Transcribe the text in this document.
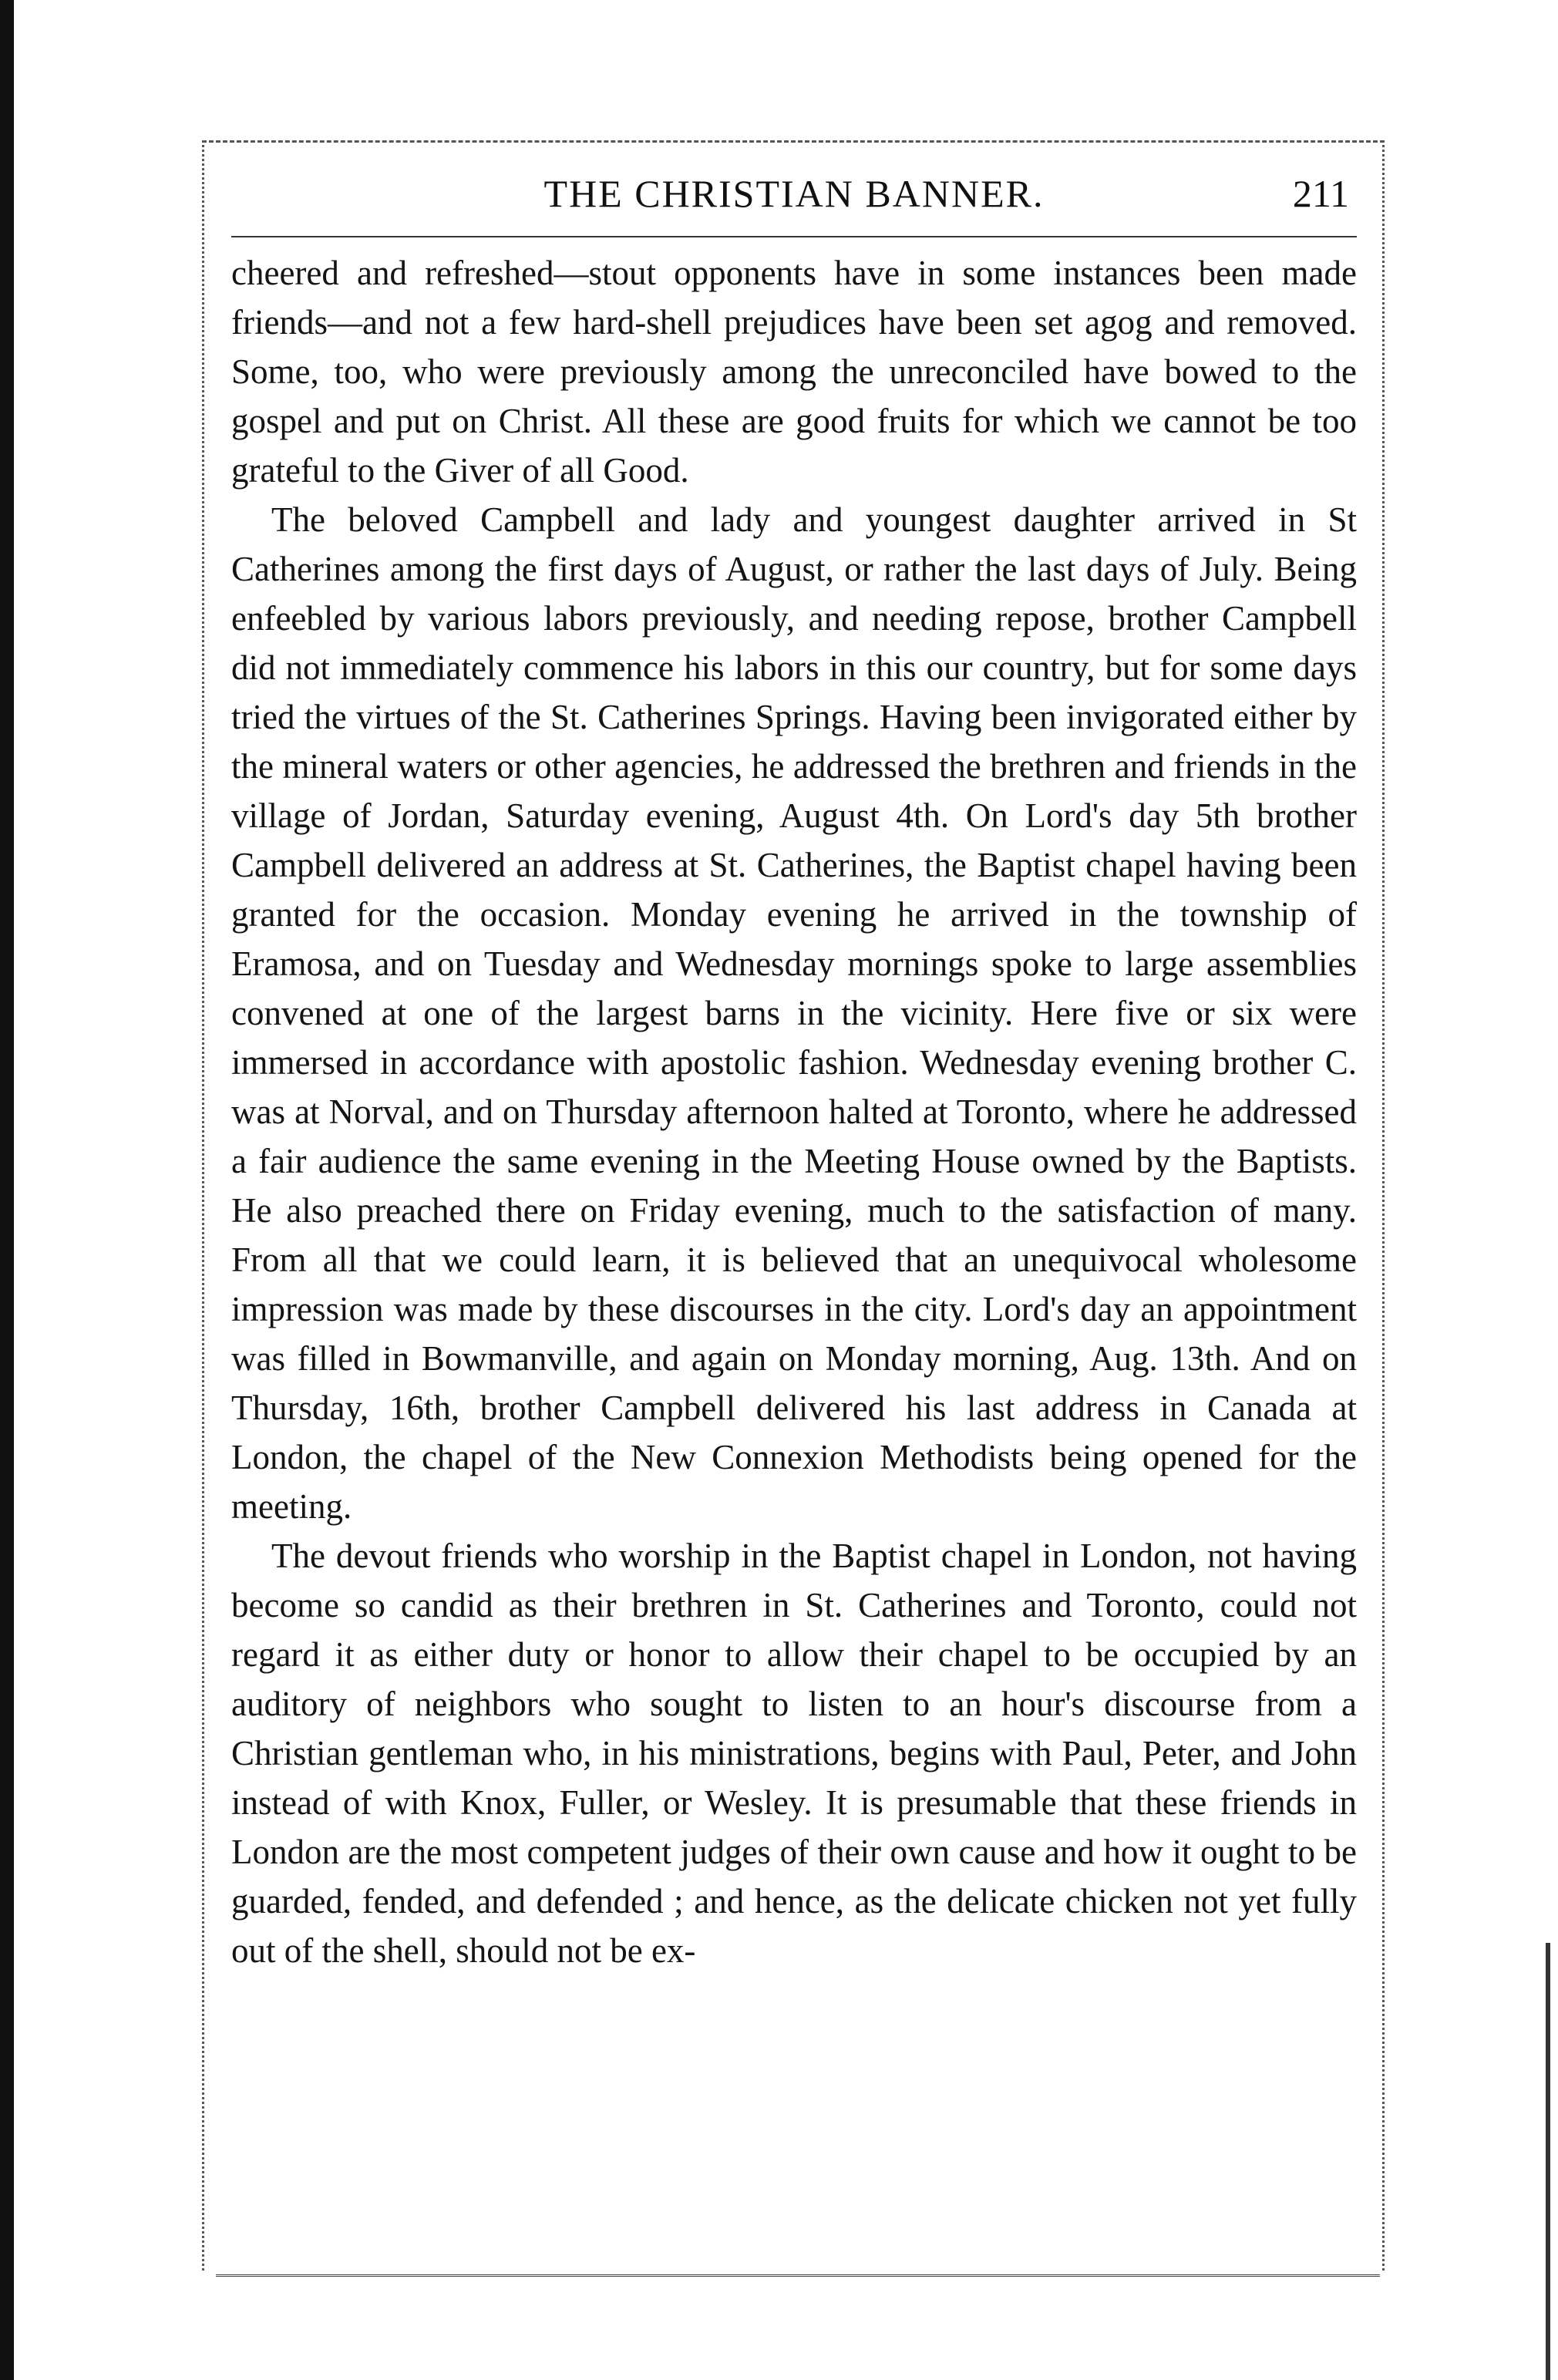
THE CHRISTIAN BANNER.	211

cheered and refreshed—stout opponents have in some instances been made friends—and not a few hard-shell prejudices have been set agog and removed. Some, too, who were previously among the unreconciled have bowed to the gospel and put on Christ. All these are good fruits for which we cannot be too grateful to the Giver of all Good.

The beloved Campbell and lady and youngest daughter arrived in St Catherines among the first days of August, or rather the last days of July. Being enfeebled by various labors previously, and needing repose, brother Campbell did not immediately commence his labors in this our country, but for some days tried the virtues of the St. Catherines Springs. Having been invigorated either by the mineral waters or other agencies, he addressed the brethren and friends in the village of Jordan, Saturday evening, August 4th. On Lord's day 5th brother Campbell delivered an address at St. Catherines, the Baptist chapel having been granted for the occasion. Monday evening he arrived in the township of Eramosa, and on Tuesday and Wednesday mornings spoke to large assemblies convened at one of the largest barns in the vicinity. Here five or six were immersed in accordance with apostolic fashion. Wednesday evening brother C. was at Norval, and on Thursday afternoon halted at Toronto, where he addressed a fair audience the same evening in the Meeting House owned by the Baptists. He also preached there on Friday evening, much to the satisfaction of many. From all that we could learn, it is believed that an unequivocal wholesome impression was made by these discourses in the city. Lord's day an appointment was filled in Bowmanville, and again on Monday morning, Aug. 13th. And on Thursday, 16th, brother Campbell delivered his last address in Canada at London, the chapel of the New Connexion Methodists being opened for the meeting.

The devout friends who worship in the Baptist chapel in London, not having become so candid as their brethren in St. Catherines and Toronto, could not regard it as either duty or honor to allow their chapel to be occupied by an auditory of neighbors who sought to listen to an hour's discourse from a Christian gentleman who, in his ministrations, begins with Paul, Peter, and John instead of with Knox, Fuller, or Wesley. It is presumable that these friends in London are the most competent judges of their own cause and how it ought to be guarded, fended, and defended ; and hence, as the delicate chicken not yet fully out of the shell, should not be ex-
